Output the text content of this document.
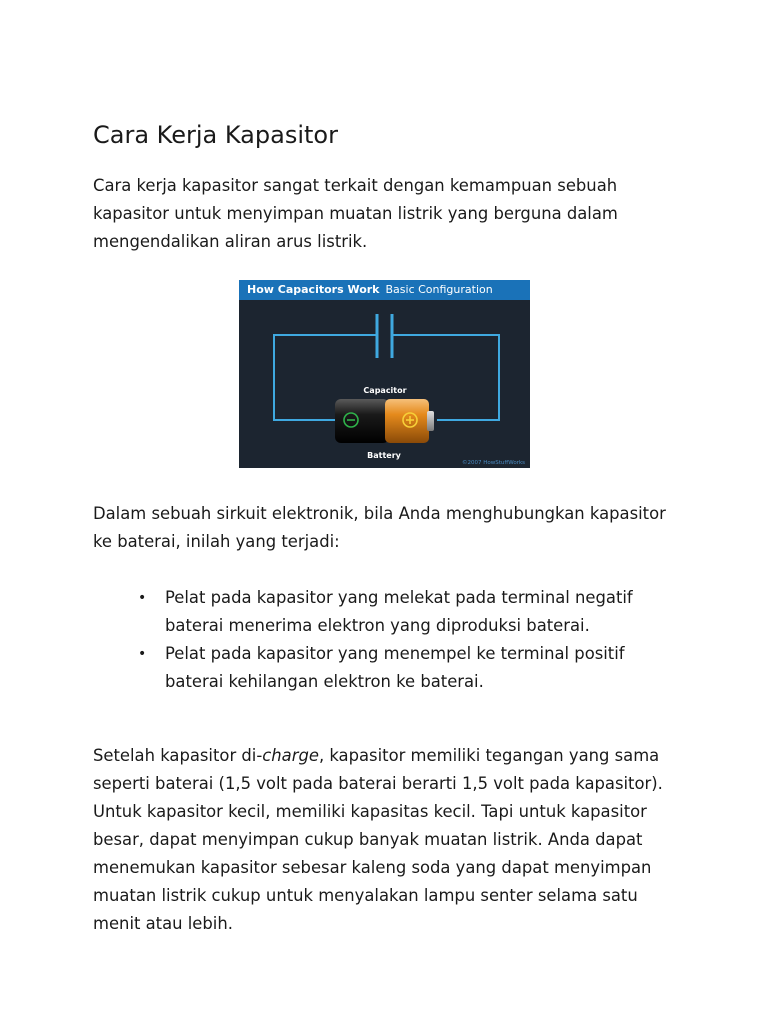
Cara Kerja Kapasitor

Cara kerja kapasitor sangat terkait dengan kemampuan sebuah kapasitor untuk menyimpan muatan listrik yang berguna dalam mengendalikan aliran arus listrik.

How Capacitors Work Basic Configuration
Capacitor
Battery
©2007 HowStuffWorks

Dalam sebuah sirkuit elektronik, bila Anda menghubungkan kapasitor ke baterai, inilah yang terjadi:

• Pelat pada kapasitor yang melekat pada terminal negatif baterai menerima elektron yang diproduksi baterai.
• Pelat pada kapasitor yang menempel ke terminal positif baterai kehilangan elektron ke baterai.

Setelah kapasitor di-charge, kapasitor memiliki tegangan yang sama seperti baterai (1,5 volt pada baterai berarti 1,5 volt pada kapasitor). Untuk kapasitor kecil, memiliki kapasitas kecil. Tapi untuk kapasitor besar, dapat menyimpan cukup banyak muatan listrik. Anda dapat menemukan kapasitor sebesar kaleng soda yang dapat menyimpan muatan listrik cukup untuk menyalakan lampu senter selama satu menit atau lebih.
